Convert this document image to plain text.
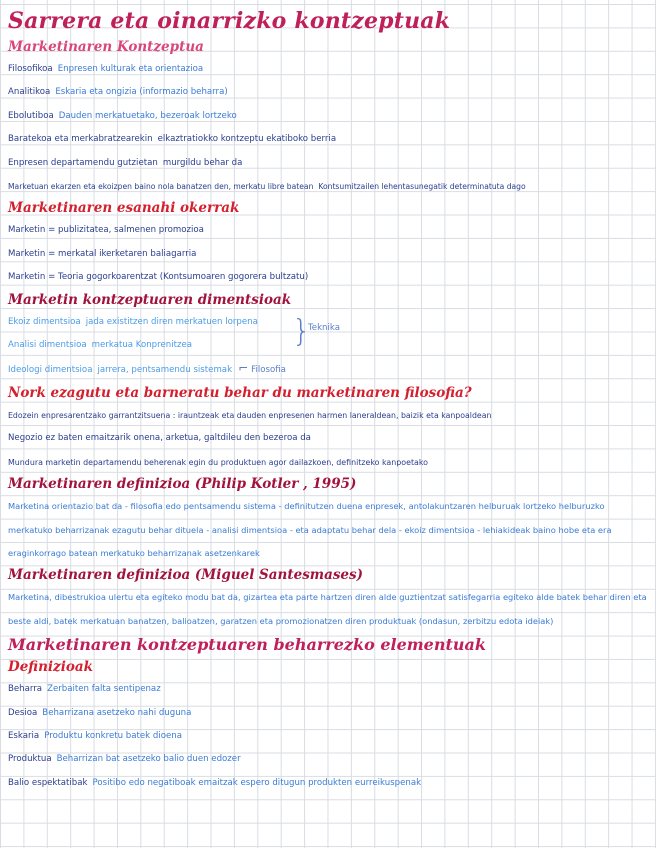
Sarrera eta oinarrizko kontzeptuak
Marketinaren Kontzeptua

Filosofikoa Enpresen kulturak eta orientazioa

Analitikoa Eskaria eta ongizia (informazio beharra)

Ebolutiboa Dauden merkatuetako, bezeroak lortzeko

Baratekoa eta merkabratzearekin elkaztratiokko kontzeptu ekatiboko berria

Enpresen departamendu gutzietan murgildu behar da

Marketuan ekarzen eta ekoizpen baino nola banatzen den, merkatu libre batean Kontsumitzailen lehentasunegatik determinatuta dago

Marketinaren esanahi okerrak

Marketin = publizitatea, salmenen promozioa

Marketin = merkatal ikerketaren baliagarria

Marketin = Teoria gogorkoarentzat (Kontsumoaren gogorera bultzatu)

Marketin kontzeptuaren dimentsioak

Ekoiz dimentsioa jada existitzen diren merkatuen lorpena

Analisi dimentsioa merkatua Konprenitzea

Ideologi dimentsioa jarrera, pentsamendu sistemak ⌐ Filosofia

}
Teknika
Nork ezagutu eta barneratu behar du marketinaren filosofia?

Edozein enpresarentzako garrantzitsuena : irauntzeak eta dauden enpresenen harmen laneraldean, baizik eta kanpoaldean

Negozio ez baten emaitzarik onena, arketua, galtdileu den bezeroa da

Mundura marketin departamendu beherenak egin du produktuen agor dailazkoen, definitzeko kanpoetako

Marketinaren definizioa (Philip Kotler , 1995)

Marketina orientazio bat da - filosofia edo pentsamendu sistema - definitutzen duena enpresek, antolakuntzaren helburuak lortzeko helburuzko merkatuko beharrizanak ezagutu behar dituela - analisi dimentsioa - eta adaptatu behar dela - ekoiz dimentsioa - lehiakideak baino hobe eta era eraginkorrago batean merkatuko beharrizanak asetzenkarek

Marketinaren definizioa (Miguel Santesmases)

Marketina, dibestrukioa ulertu eta egiteko modu bat da, gizartea eta parte hartzen diren alde guztientzat satisfegarria egiteko alde batek behar diren eta beste aldi, batek merkatuan banatzen, balioatzen, garatzen eta promozionatzen diren produktuak (ondasun, zerbitzu edota ideiak)

Marketinaren kontzeptuaren beharrezko elementuak
Definizioak

Beharra Zerbaiten falta sentipenaz

Desioa Beharrizana asetzeko nahi duguna

Eskaria Produktu konkretu batek dioena

Produktua Beharrizan bat asetzeko balio duen edozer

Balio espektatibak Positibo edo negatiboak emaitzak espero ditugun produkten eurreikuspenak
